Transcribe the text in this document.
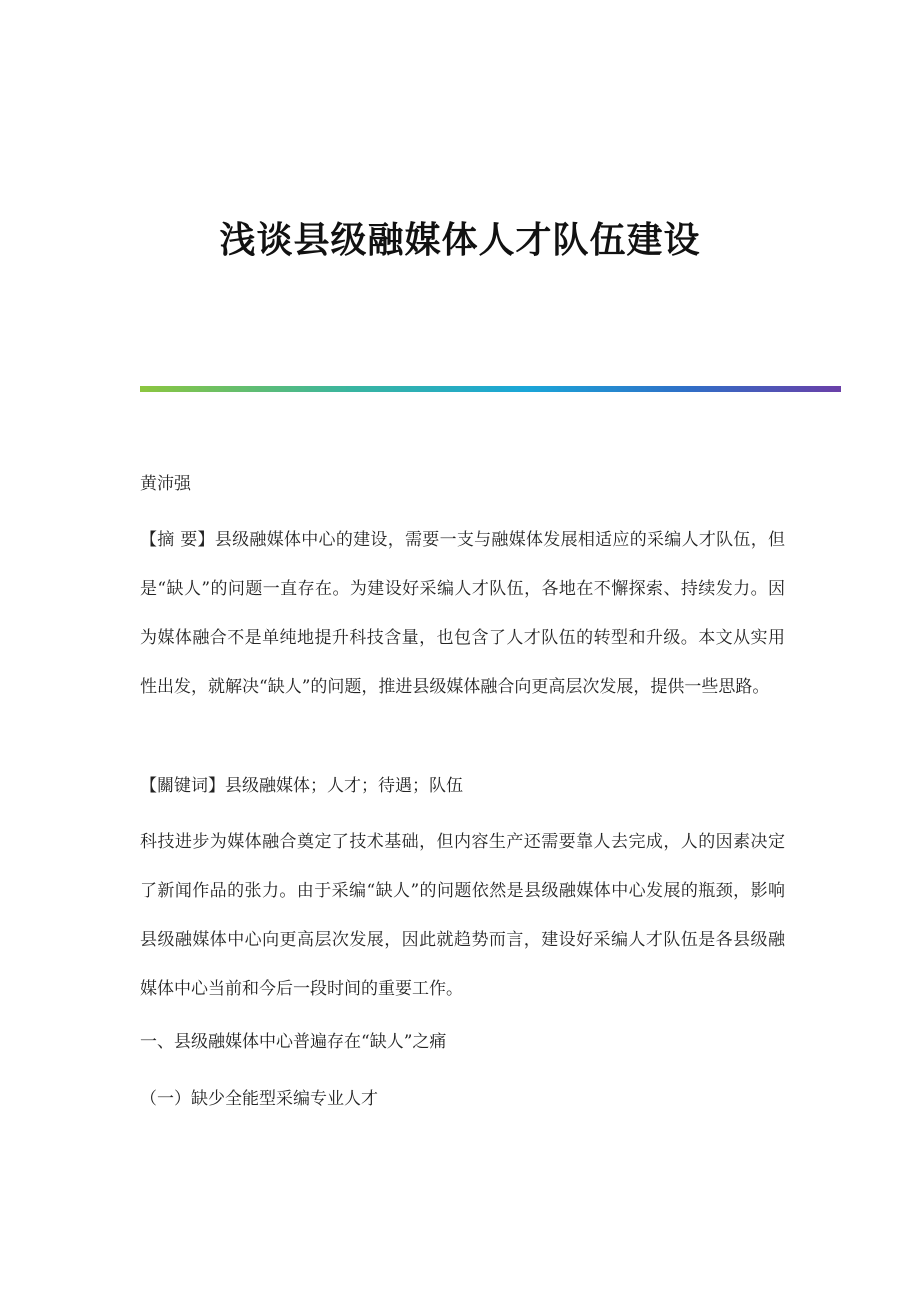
浅谈县级融媒体人才队伍建设
黄沛强
【摘 要】县级融媒体中心的建设，需要一支与融媒体发展相适应的采编人才队伍，但是“缺人”的问题一直存在。为建设好采编人才队伍，各地在不懈探索、持续发力。因为媒体融合不是单纯地提升科技含量，也包含了人才队伍的转型和升级。本文从实用性出发，就解决“缺人”的问题，推进县级媒体融合向更高层次发展，提供一些思路。
【關键词】县级融媒体；人才；待遇；队伍
科技进步为媒体融合奠定了技术基础，但内容生产还需要靠人去完成，人的因素决定了新闻作品的张力。由于采编“缺人”的问题依然是县级融媒体中心发展的瓶颈，影响县级融媒体中心向更高层次发展，因此就趋势而言，建设好采编人才队伍是各县级融媒体中心当前和今后一段时间的重要工作。
一、县级融媒体中心普遍存在“缺人”之痛
（一）缺少全能型采编专业人才
